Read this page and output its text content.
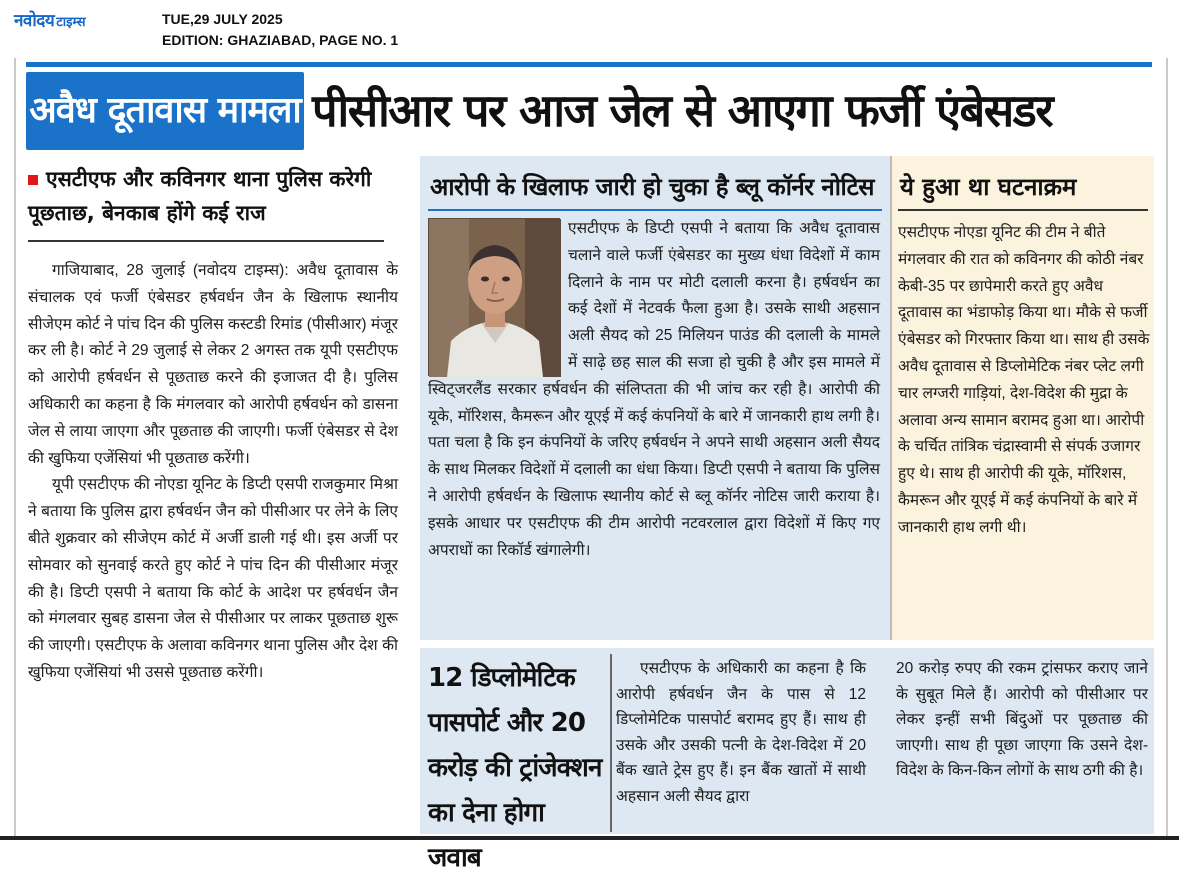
नवोदय टाइम्स	TUE,29 JULY 2025
EDITION: GHAZIABAD, PAGE NO. 1
अवैध दूतावास मामला पीसीआर पर आज जेल से आएगा फर्जी एंबेसडर
एसटीएफ और कविनगर थाना पुलिस करेगी पूछताछ, बेनकाब होंगे कई राज

गाजियाबाद, 28 जुलाई (नवोदय टाइम्स): अवैध दूतावास के संचालक एवं फर्जी एंबेसडर हर्षवर्धन जैन के खिलाफ स्थानीय सीजेएम कोर्ट ने पांच दिन की पुलिस कस्टडी रिमांड (पीसीआर) मंजूर कर ली है। कोर्ट ने 29 जुलाई से लेकर 2 अगस्त तक यूपी एसटीएफ को आरोपी हर्षवर्धन से पूछताछ करने की इजाजत दी है। पुलिस अधिकारी का कहना है कि मंगलवार को आरोपी हर्षवर्धन को डासना जेल से लाया जाएगा और पूछताछ की जाएगी। फर्जी एंबेसडर से देश की खुफिया एजेंसियां भी पूछताछ करेंगी।

यूपी एसटीएफ की नोएडा यूनिट के डिप्टी एसपी राजकुमार मिश्रा ने बताया कि पुलिस द्वारा हर्षवर्धन जैन को पीसीआर पर लेने के लिए बीते शुक्रवार को सीजेएम कोर्ट में अर्जी डाली गई थी। इस अर्जी पर सोमवार को सुनवाई करते हुए कोर्ट ने पांच दिन की पीसीआर मंजूर की है। डिप्टी एसपी ने बताया कि कोर्ट के आदेश पर हर्षवर्धन जैन को मंगलवार सुबह डासना जेल से पीसीआर पर लाकर पूछताछ शुरू की जाएगी। एसटीएफ के अलावा कविनगर थाना पुलिस और देश की खुफिया एजेंसियां भी उससे पूछताछ करेंगी।

आरोपी के खिलाफ जारी हो चुका है ब्लू कॉर्नर नोटिस
एसटीएफ के डिप्टी एसपी ने बताया कि अवैध दूतावास चलाने वाले फर्जी एंबेसडर का मुख्य धंधा विदेशों में काम दिलाने के नाम पर मोटी दलाली करना है। हर्षवर्धन का कई देशों में नेटवर्क फैला हुआ है। उसके साथी अहसान अली सैयद को 25 मिलियन पाउंड की दलाली के मामले में साढ़े छह साल की सजा हो चुकी है और इस मामले में स्विट्जरलैंड सरकार हर्षवर्धन की संलिप्तता की भी जांच कर रही है। आरोपी की यूके, मॉरिशस, कैमरून और यूएई में कई कंपनियों के बारे में जानकारी हाथ लगी है। पता चला है कि इन कंपनियों के जरिए हर्षवर्धन ने अपने साथी अहसान अली सैयद के साथ मिलकर विदेशों में दलाली का धंधा किया। डिप्टी एसपी ने बताया कि पुलिस ने आरोपी हर्षवर्धन के खिलाफ स्थानीय कोर्ट से ब्लू कॉर्नर नोटिस जारी कराया है। इसके आधार पर एसटीएफ की टीम आरोपी नटवरलाल द्वारा विदेशों में किए गए अपराधों का रिकॉर्ड खंगालेगी।
ये हुआ था घटनाक्रम
एसटीएफ नोएडा यूनिट की टीम ने बीते मंगलवार की रात को कविनगर की कोठी नंबर केबी-35 पर छापेमारी करते हुए अवैध दूतावास का भंडाफोड़ किया था। मौके से फर्जी एंबेसडर को गिरफ्तार किया था। साथ ही उसके अवैध दूतावास से डिप्लोमेटिक नंबर प्लेट लगी चार लग्जरी गाड़ियां, देश-विदेश की मुद्रा के अलावा अन्य सामान बरामद हुआ था। आरोपी के चर्चित तांत्रिक चंद्रास्वामी से संपर्क उजागर हुए थे। साथ ही आरोपी की यूके, मॉरिशस, कैमरून और यूएई में कई कंपनियों के बारे में जानकारी हाथ लगी थी।
12 डिप्लोमेटिक पासपोर्ट और 20 करोड़ की ट्रांजेक्शन का देना होगा जवाब

एसटीएफ के अधिकारी का कहना है कि आरोपी हर्षवर्धन जैन के पास से 12 डिप्लोमेटिक पासपोर्ट बरामद हुए हैं। साथ ही उसके और उसकी पत्नी के देश-विदेश में 20 बैंक खाते ट्रेस हुए हैं। इन बैंक खातों में साथी अहसान अली सैयद द्वारा

20 करोड़ रुपए की रकम ट्रांसफर कराए जाने के सुबूत मिले हैं। आरोपी को पीसीआर पर लेकर इन्हीं सभी बिंदुओं पर पूछताछ की जाएगी। साथ ही पूछा जाएगा कि उसने देश-विदेश के किन-किन लोगों के साथ ठगी की है।
